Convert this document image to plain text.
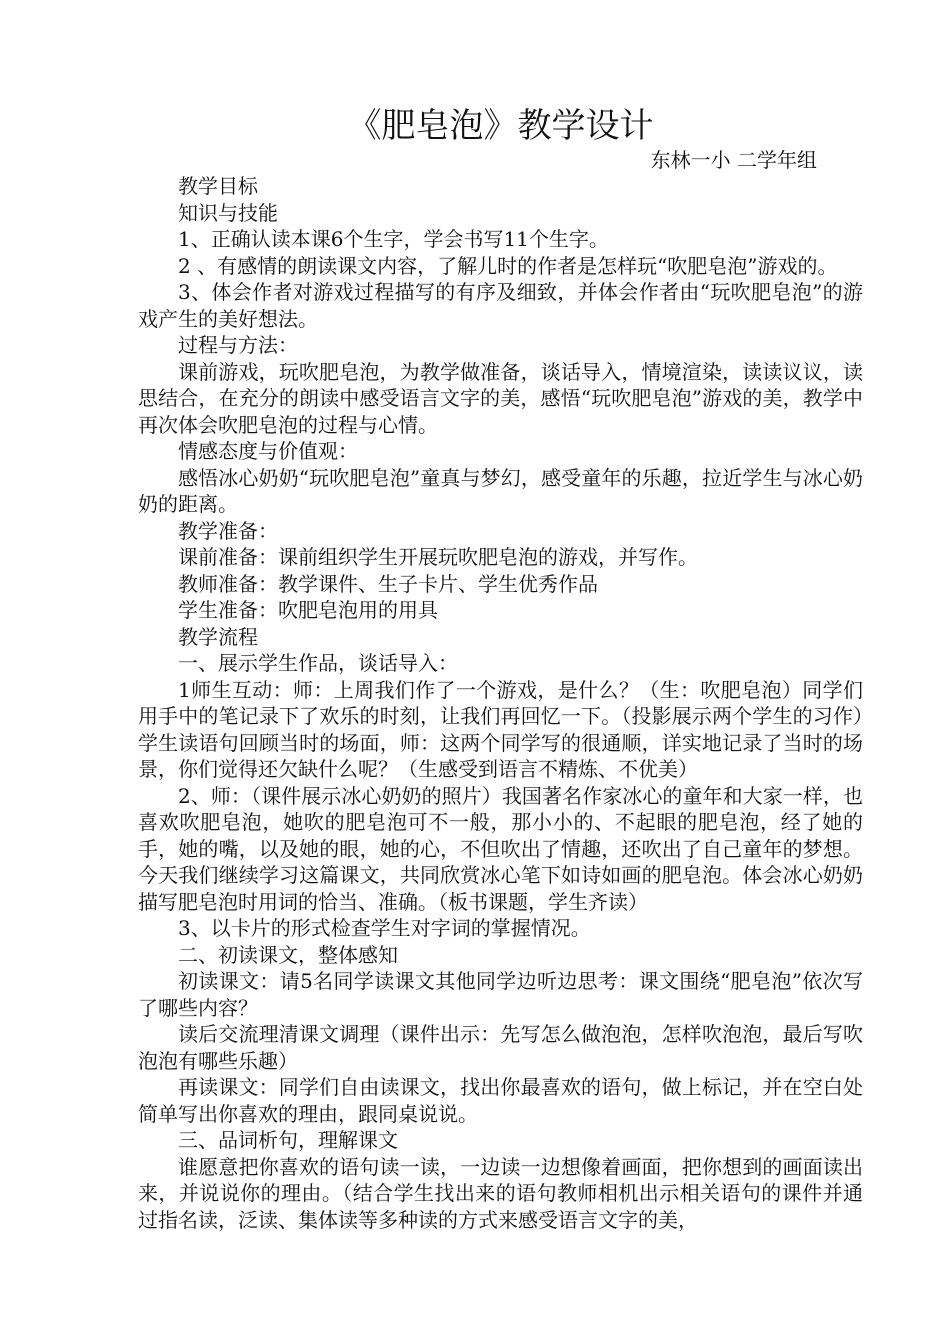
《肥皂泡》教学设计
东林一小 二学年组

教学目标

知识与技能

1、正确认读本课6个生字，学会书写11个生字。

2 、有感情的朗读课文内容，了解儿时的作者是怎样玩“吹肥皂泡”游戏的。

3、体会作者对游戏过程描写的有序及细致，并体会作者由“玩吹肥皂泡”的游戏产生的美好想法。

过程与方法：

课前游戏，玩吹肥皂泡，为教学做准备，谈话导入，情境渲染，读读议议，读思结合，在充分的朗读中感受语言文字的美，感悟“玩吹肥皂泡”游戏的美，教学中再次体会吹肥皂泡的过程与心情。

情感态度与价值观：

感悟冰心奶奶“玩吹肥皂泡”童真与梦幻，感受童年的乐趣，拉近学生与冰心奶奶的距离。

教学准备：

课前准备：课前组织学生开展玩吹肥皂泡的游戏，并写作。

教师准备：教学课件、生子卡片、学生优秀作品

学生准备：吹肥皂泡用的用具

教学流程

一、展示学生作品，谈话导入：

1师生互动：师：上周我们作了一个游戏，是什么？（生：吹肥皂泡）同学们用手中的笔记录下了欢乐的时刻，让我们再回忆一下。（投影展示两个学生的习作）学生读语句回顾当时的场面，师：这两个同学写的很通顺，详实地记录了当时的场景，你们觉得还欠缺什么呢？（生感受到语言不精炼、不优美）

2、师：（课件展示冰心奶奶的照片）我国著名作家冰心的童年和大家一样，也喜欢吹肥皂泡，她吹的肥皂泡可不一般，那小小的、不起眼的肥皂泡，经了她的手，她的嘴，以及她的眼，她的心，不但吹出了情趣，还吹出了自己童年的梦想。今天我们继续学习这篇课文，共同欣赏冰心笔下如诗如画的肥皂泡。体会冰心奶奶描写肥皂泡时用词的恰当、准确。（板书课题，学生齐读）

3、以卡片的形式检查学生对字词的掌握情况。

二、初读课文，整体感知

初读课文：请5名同学读课文其他同学边听边思考：课文围绕“肥皂泡”依次写了哪些内容？

读后交流理清课文调理（课件出示：先写怎么做泡泡，怎样吹泡泡，最后写吹泡泡有哪些乐趣）

再读课文：同学们自由读课文，找出你最喜欢的语句，做上标记，并在空白处简单写出你喜欢的理由，跟同桌说说。

三、品词析句，理解课文

谁愿意把你喜欢的语句读一读，一边读一边想像着画面，把你想到的画面读出来，并说说你的理由。（结合学生找出来的语句教师相机出示相关语句的课件并通过指名读，泛读、集体读等多种读的方式来感受语言文字的美，
